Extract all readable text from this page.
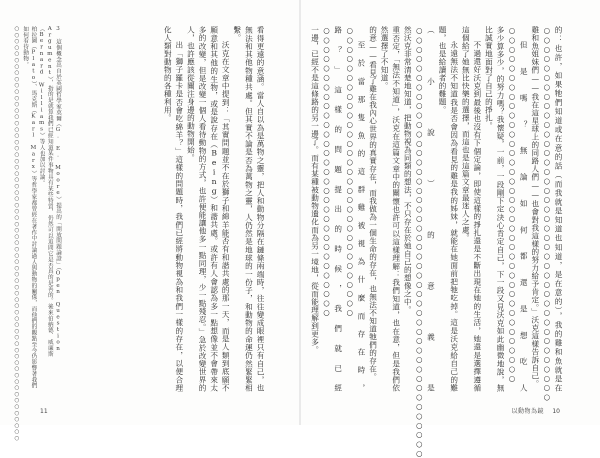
看得更遠的意涵。當人自以為是萬物之靈，把人和動物分隔在鏈條兩端時，往往變成眼裡只有自己，也無法和其他物種共處。但其實不論是否為萬物之靈，人仍然是地球的一份子，和動物的命運仍然緊緊相繫。

沃克在文章中提到：「其實問題並不在於獅子和綿羊能否有和諧共處的那一天，而是人類到底願不願意和其他的生物，或是說存在（Being）和諧共處。或許有人會認為多一點想像並不會帶來太多的改變，但是改變一個人看待動物的方式，也許便能讓他多一點同理，少一點殘忍。」急於改變世界的人，也許應該從關注身邊的動物開始。

出「獅子羅卡是否會吃綿羊？」這樣的問題時，我們已經將動物視為和我們一樣的存在，以便合理化人類對動物的各種利用。

3 這個概念出自於英國哲學家莫爾（G. E. Moore）提出的「開放問題論證」（Open Question Argument），指的是就算我們已經知道某件事物具有某些特質，仍然可以追問它是否真的是善的。後來伯納德．威廉斯（Bernard Williams）等人也加以討論。

柏拉圖（Plato）、馬克斯（Karl Marx）等哲學家都曾經在著作中討論過人與動物的關係，而他們的觀點至今仍影響著我們如何看待動物。

○○○○○○○○○○○○○○○○○○○○○○○○○○○○○○○○○○○○○○○○○○○○○○○○○○○○○○○○○○○○○○○○○○	11

的：也許，如果牠們知道或在意的話（而我就是知道也知道，是在意的），我的雞和魚就是在○○○○○○○○○○○○○○○○○○○○○○○○○○○○○○○○○○○○○○○○

雞和魚姐妹們——我在這星球上的同路人們——也會對我這樣的努力給予肯定。」沃克這樣告訴自己。

但是嗎？無論如何都還是想吃人○○○○○○○○○○○○○○○○○○○○○○○○○○○○○○○○○○○○○○

多少算多少，的努力嗎？我懷疑，一前，一段剛下定決心肯定自己，下一段又見沃克如此幽微地說，無比誠實地面對了自己的掙扎。

不過還好沃克到最後也沒有下個定論，即使這樣的掙扎還是不斷出現在她的生活，她還是選擇遵循這個給了她無比快樂的選擇，而這也是這篇文章最迷人之處。

永遠無法不知道我是否會因為看見的雞是我的姊妹，就能在她面前把牠吃掉。這是沃克給自己的難題，也是給讀者的難題。

（小說）的意義是○○○○○○○○○○○○○○○○○○○○○○○○○○○○○○○○○○○○○○○○○○○○○○

然沃克非常清楚地知道，把動物視為同類的想法，不只存在於她自己的想像之中。

重否定，「無法不知道」，沃克在這篇文章中的關懷也許可以這樣理解：我們知道，也在意，但是我們依然選擇了不知道。

的意——看見了雞在我內心世界的真實存在，而我做為一個生命的存在，也無法不知道牠們的存在。

至於當那隻魚的這群雞被視為什麼而存在時，○○○○○○○○○○○○○○○○○○○○○○○○○○○○○○○

路？」這樣的問題提出的時候，我們就已經○○○○○○○○○○○○○○○○○○○○○○○○○○○○○○○

一邊，已經不是這條路的另一邊了。而有某種被動物遺化而為另一境地，從而能理解到更多。

以動物為鏡 10
